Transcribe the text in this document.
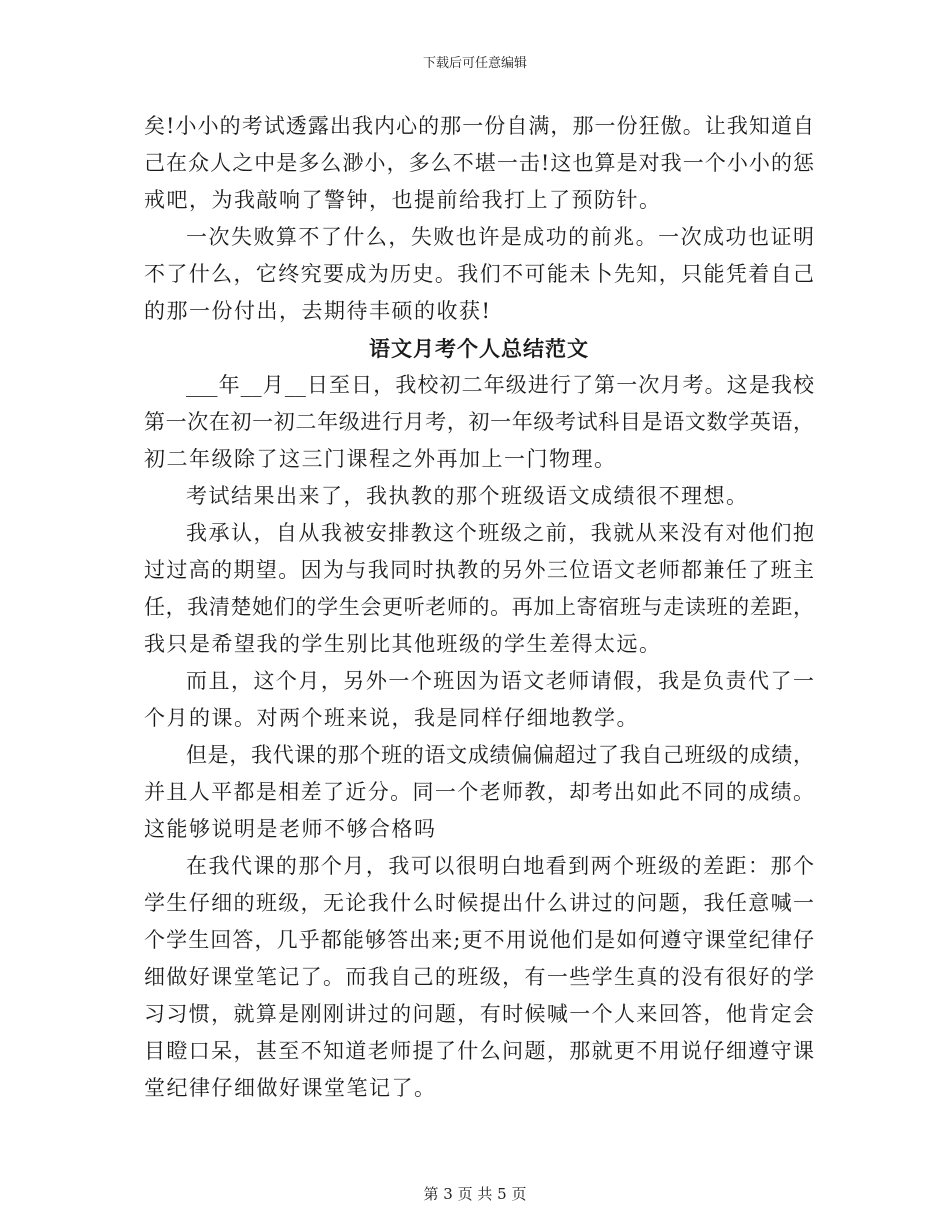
下载后可任意编辑
矣!小小的考试透露出我内心的那一份自满，那一份狂傲。让我知道自
己在众人之中是多么渺小，多么不堪一击!这也算是对我一个小小的惩
戒吧，为我敲响了警钟，也提前给我打上了预防针。
一次失败算不了什么，失败也许是成功的前兆。一次成功也证明
不了什么，它终究要成为历史。我们不可能未卜先知，只能凭着自己
的那一份付出，去期待丰硕的收获!
语文月考个人总结范文
___年__月__日至日，我校初二年级进行了第一次月考。这是我校
第一次在初一初二年级进行月考，初一年级考试科目是语文数学英语，
初二年级除了这三门课程之外再加上一门物理。
考试结果出来了，我执教的那个班级语文成绩很不理想。
我承认，自从我被安排教这个班级之前，我就从来没有对他们抱
过过高的期望。因为与我同时执教的另外三位语文老师都兼任了班主
任，我清楚她们的学生会更听老师的。再加上寄宿班与走读班的差距，
我只是希望我的学生别比其他班级的学生差得太远。
而且，这个月，另外一个班因为语文老师请假，我是负责代了一
个月的课。对两个班来说，我是同样仔细地教学。
但是，我代课的那个班的语文成绩偏偏超过了我自己班级的成绩，
并且人平都是相差了近分。同一个老师教，却考出如此不同的成绩。
这能够说明是老师不够合格吗
在我代课的那个月，我可以很明白地看到两个班级的差距：那个
学生仔细的班级，无论我什么时候提出什么讲过的问题，我任意喊一
个学生回答，几乎都能够答出来;更不用说他们是如何遵守课堂纪律仔
细做好课堂笔记了。而我自己的班级，有一些学生真的没有很好的学
习习惯，就算是刚刚讲过的问题，有时候喊一个人来回答，他肯定会
目瞪口呆，甚至不知道老师提了什么问题，那就更不用说仔细遵守课
堂纪律仔细做好课堂笔记了。
第 3 页 共 5 页
